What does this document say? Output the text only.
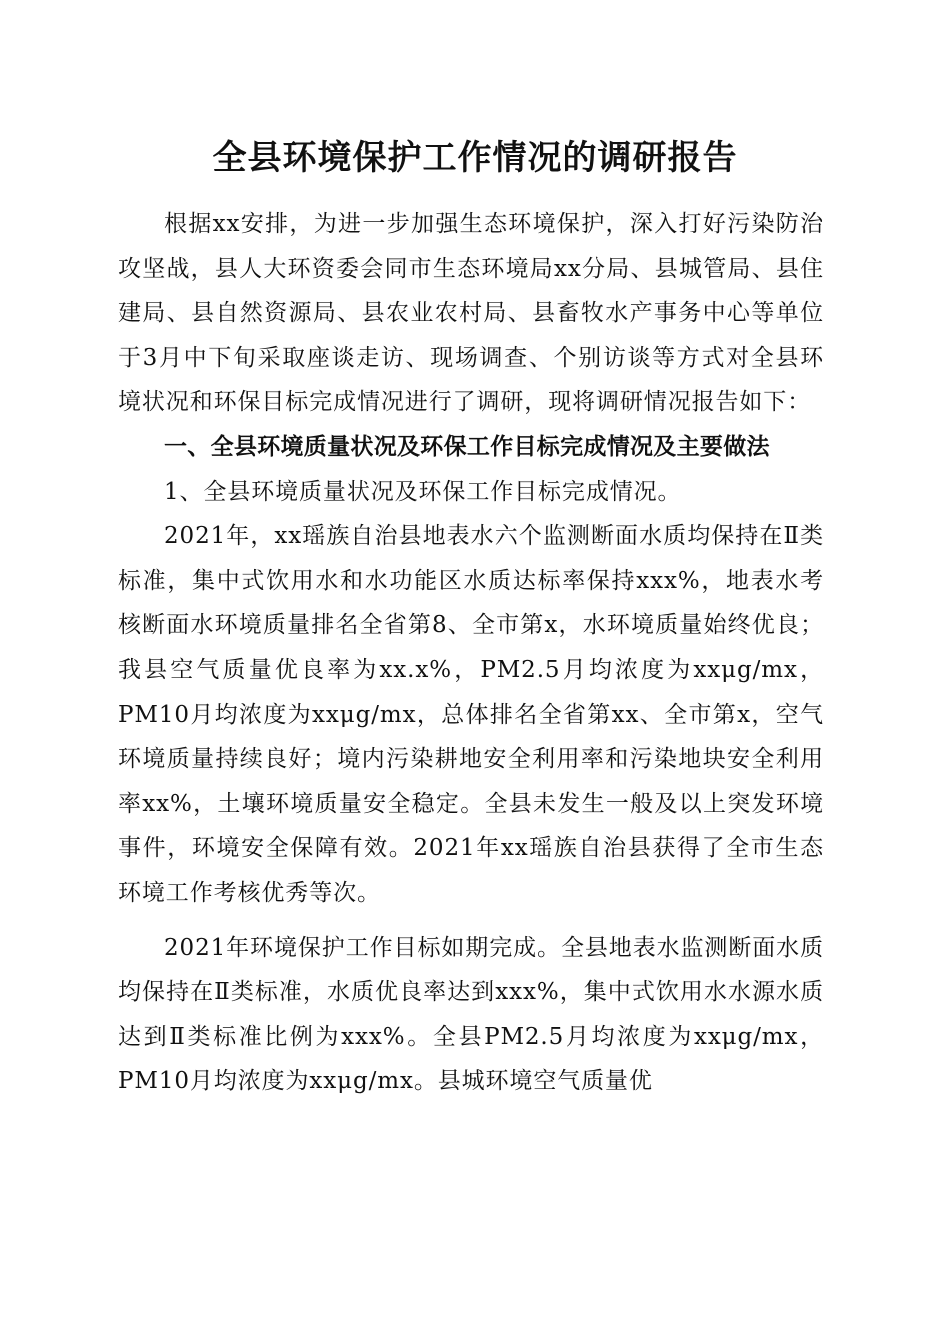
全县环境保护工作情况的调研报告

根据xx安排，为进一步加强生态环境保护，深入打好污染防治攻坚战，县人大环资委会同市生态环境局xx分局、县城管局、县住建局、县自然资源局、县农业农村局、县畜牧水产事务中心等单位于3月中下旬采取座谈走访、现场调查、个别访谈等方式对全县环境状况和环保目标完成情况进行了调研，现将调研情况报告如下：

一、全县环境质量状况及环保工作目标完成情况及主要做法

1、全县环境质量状况及环保工作目标完成情况。

2021年，xx瑶族自治县地表水六个监测断面水质均保持在Ⅱ类标准，集中式饮用水和水功能区水质达标率保持xxx%，地表水考核断面水环境质量排名全省第8、全市第x，水环境质量始终优良；我县空气质量优良率为xx.x%，PM2.5月均浓度为xxμg/mx，PM10月均浓度为xxμg/mx，总体排名全省第xx、全市第x，空气环境质量持续良好；境内污染耕地安全利用率和污染地块安全利用率xx%，土壤环境质量安全稳定。全县未发生一般及以上突发环境事件，环境安全保障有效。2021年xx瑶族自治县获得了全市生态环境工作考核优秀等次。

2021年环境保护工作目标如期完成。全县地表水监测断面水质均保持在Ⅱ类标准，水质优良率达到xxx%，集中式饮用水水源水质达到Ⅱ类标准比例为xxx%。全县PM2.5月均浓度为xxμg/mx，PM10月均浓度为xxμg/mx。县城环境空气质量优
